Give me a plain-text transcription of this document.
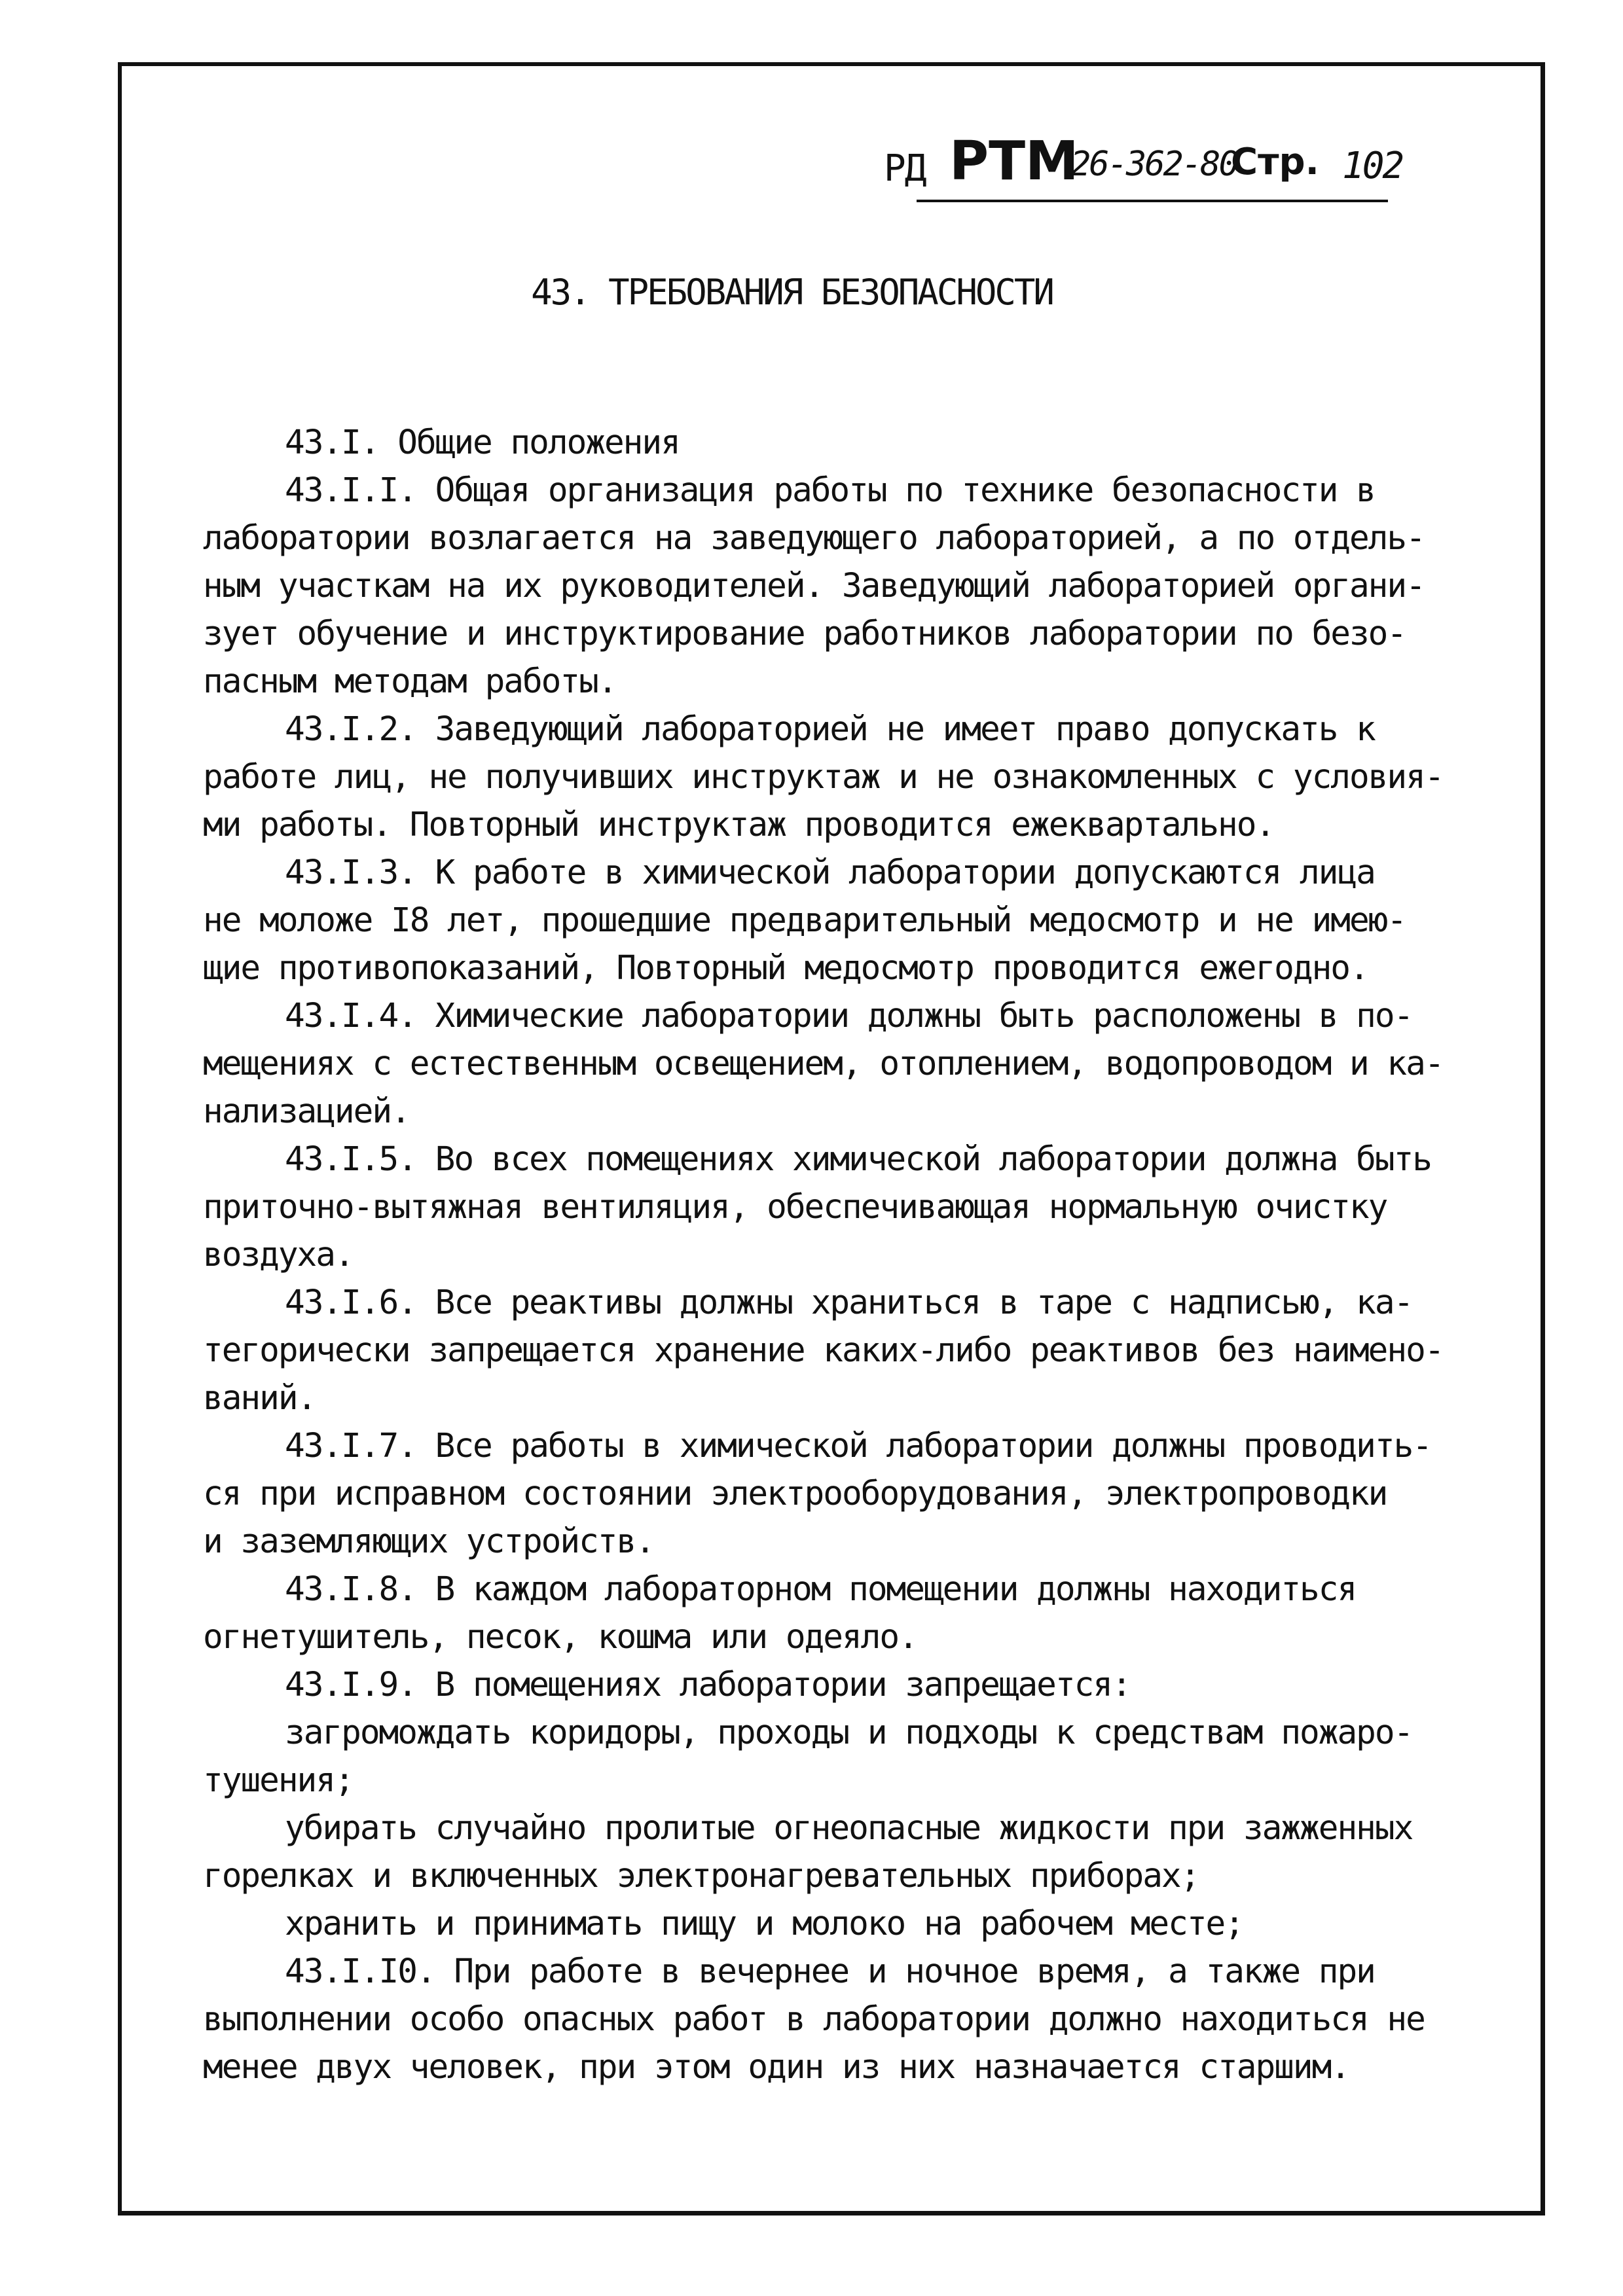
РД РТМ
26-362-80
Стр. 102
43. ТРЕБОВАНИЯ БЕЗОПАСНОСТИ
43.I. Общие положения
43.I.I. Общая организация работы по технике безопасности в
лаборатории возлагается на заведующего лабораторией, а по отдель-
ным участкам на их руководителей. Заведующий лабораторией органи-
зует обучение и инструктирование работников лаборатории по безо-
пасным методам работы.
43.I.2. Заведующий лабораторией не имеет право допускать к
работе лиц, не получивших инструктаж и не ознакомленных с условия-
ми работы. Повторный инструктаж проводится ежеквартально.
43.I.3. К работе в химической лаборатории допускаются лица
не моложе I8 лет, прошедшие предварительный медосмотр и не имею-
щие противопоказаний, Повторный медосмотр проводится ежегодно.
43.I.4. Химические лаборатории должны быть расположены в по-
мещениях с естественным освещением, отоплением, водопроводом и ка-
нализацией.
43.I.5. Во всех помещениях химической лаборатории должна быть
приточно-вытяжная вентиляция, обеспечивающая нормальную очистку
воздуха.
43.I.6. Все реактивы должны храниться в таре с надписью, ка-
тегорически запрещается хранение каких-либо реактивов без наимено-
ваний.
43.I.7. Все работы в химической лаборатории должны проводить-
ся при исправном состоянии электрооборудования, электропроводки
и заземляющих устройств.
43.I.8. В каждом лабораторном помещении должны находиться
огнетушитель, песок, кошма или одеяло.
43.I.9. В помещениях лаборатории запрещается:
загромождать коридоры, проходы и подходы к средствам пожаро-
тушения;
убирать случайно пролитые огнеопасные жидкости при зажженных
горелках и включенных электронагревательных приборах;
хранить и принимать пищу и молоко на рабочем месте;
43.I.I0. При работе в вечернее и ночное время, а также при
выполнении особо опасных работ в лаборатории должно находиться не
менее двух человек, при этом один из них назначается старшим.
